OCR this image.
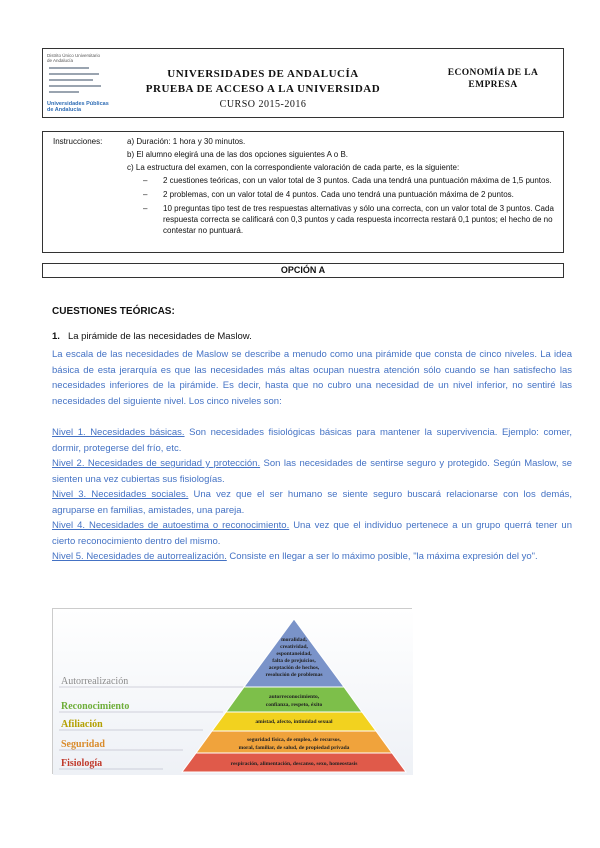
Distrito Único Universitario
de Andalucía
Universidades Públicas de Andalucía
UNIVERSIDADES DE ANDALUCÍA
PRUEBA DE ACCESO A LA UNIVERSIDAD
CURSO 2015-2016
ECONOMÍA DE LA
EMPRESA
Instrucciones:	a) Duración: 1 hora y 30 minutos.

b) El alumno elegirá una de las dos opciones siguientes A o B.

c) La estructura del examen, con la correspondiente valoración de cada parte, es la siguiente:

– 2 cuestiones teóricas, con un valor total de 3 puntos. Cada una tendrá una puntuación máxima de 1,5 puntos.
– 2 problemas, con un valor total de 4 puntos. Cada uno tendrá una puntuación máxima de 2 puntos.
– 10 preguntas tipo test de tres respuestas alternativas y sólo una correcta, con un valor total de 3 puntos. Cada respuesta correcta se calificará con 0,3 puntos y cada respuesta incorrecta restará 0,1 puntos; el hecho de no contestar no puntuará.
OPCIÓN A
CUESTIONES TEÓRICAS:
1. La pirámide de las necesidades de Maslow.
La escala de las necesidades de Maslow se describe a menudo como una pirámide que consta de cinco niveles. La idea básica de esta jerarquía es que las necesidades más altas ocupan nuestra atención sólo cuando se han satisfecho las necesidades inferiores de la pirámide. Es decir, hasta que no cubro una necesidad de un nivel inferior, no sentiré las necesidades del siguiente nivel. Los cinco niveles son:
Nivel 1. Necesidades básicas. Son necesidades fisiológicas básicas para mantener la supervivencia. Ejemplo: comer, dormir, protegerse del frío, etc.
Nivel 2. Necesidades de seguridad y protección. Son las necesidades de sentirse seguro y protegido. Según Maslow, se sienten una vez cubiertas sus fisiologías.
Nivel 3. Necesidades sociales. Una vez que el ser humano se siente seguro buscará relacionarse con los demás, agruparse en familias, amistades, una pareja.
Nivel 4. Necesidades de autoestima o reconocimiento. Una vez que el individuo pertenece a un grupo querrá tener un cierto reconocimiento dentro del mismo.
Nivel 5. Necesidades de autorrealización. Consiste en llegar a ser lo máximo posible, "la máxima expresión del yo".
Autorrealización
Reconocimiento
Afiliación
Seguridad
Fisiología
moralidad,
creatividad,
espontaneidad,
falta de prejuicios,
aceptación de hechos,
resolución de problemas
autorreconocimiento,
confianza, respeto, éxito
amistad, afecto, intimidad sexual
seguridad física, de empleo, de recursos,
moral, familiar, de salud, de propiedad privada
respiración, alimentación, descanso, sexo, homeostasis
